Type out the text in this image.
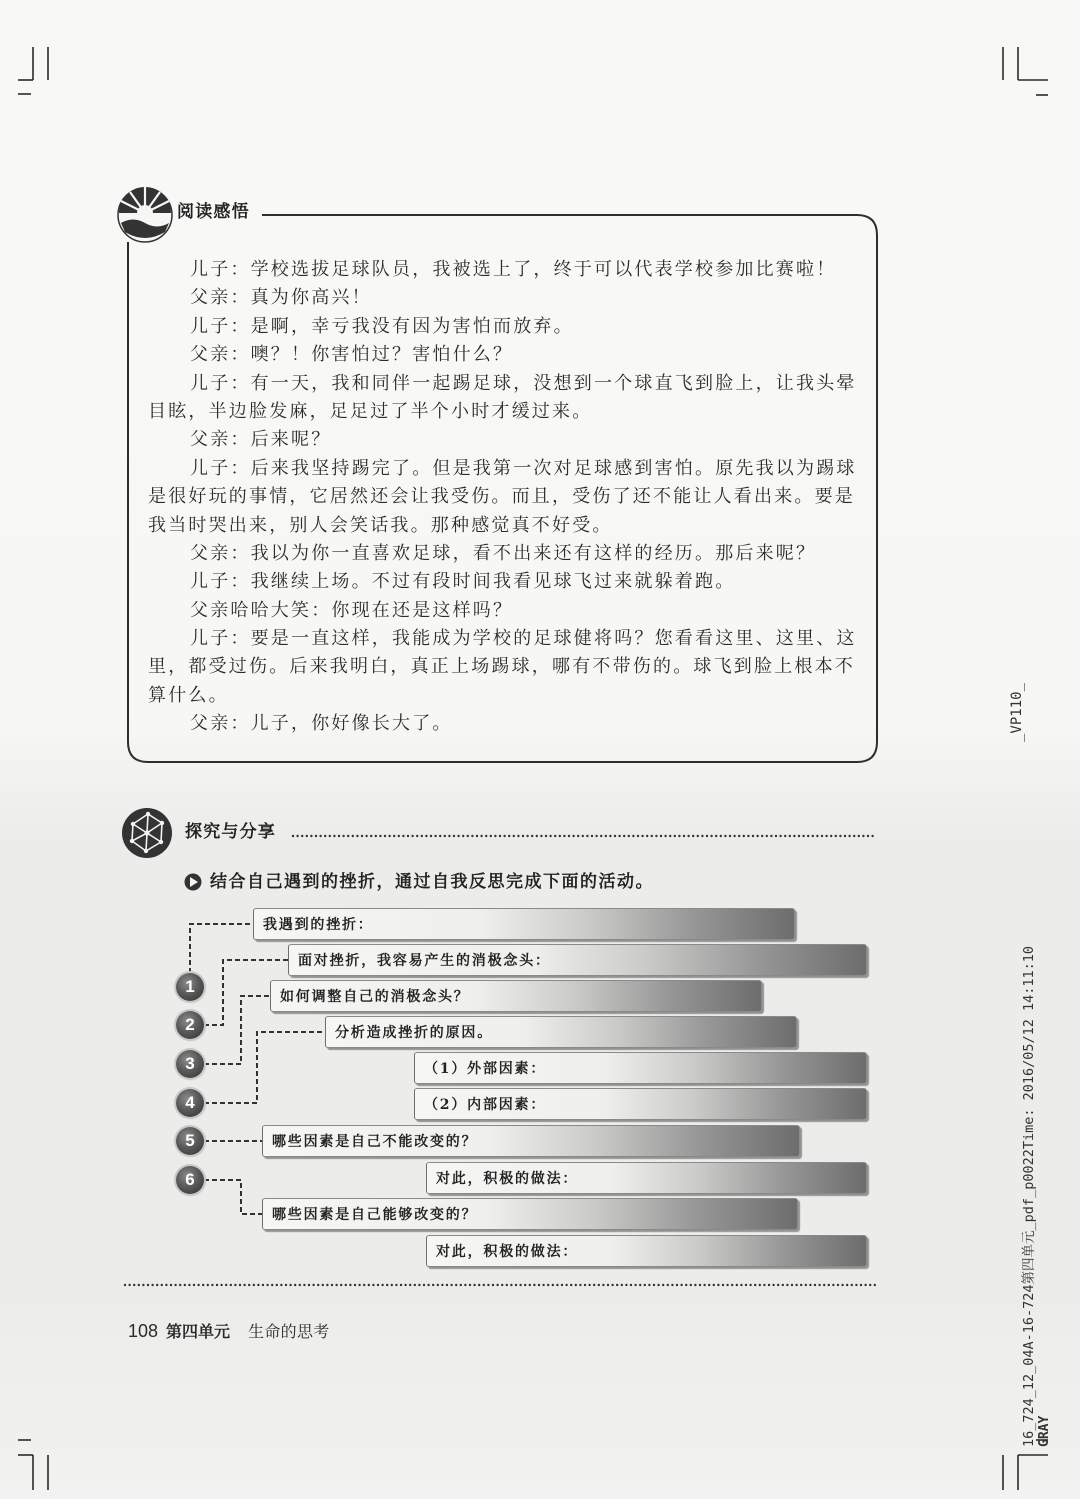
阅读感悟
儿子：学校选拔足球队员，我被选上了，终于可以代表学校参加比赛啦！
父亲：真为你高兴！
儿子：是啊，幸亏我没有因为害怕而放弃。
父亲：噢？！你害怕过？害怕什么？
儿子：有一天，我和同伴一起踢足球，没想到一个球直飞到脸上，让我头晕
目眩，半边脸发麻，足足过了半个小时才缓过来。
父亲：后来呢？
儿子：后来我坚持踢完了。但是我第一次对足球感到害怕。原先我以为踢球
是很好玩的事情，它居然还会让我受伤。而且，受伤了还不能让人看出来。要是
我当时哭出来，别人会笑话我。那种感觉真不好受。
父亲：我以为你一直喜欢足球，看不出来还有这样的经历。那后来呢？
儿子：我继续上场。不过有段时间我看见球飞过来就躲着跑。
父亲哈哈大笑：你现在还是这样吗？
儿子：要是一直这样，我能成为学校的足球健将吗？您看看这里、这里、这
里，都受过伤。后来我明白，真正上场踢球，哪有不带伤的。球飞到脸上根本不
算什么。
父亲：儿子，你好像长大了。
探究与分享
结合自己遇到的挫折，通过自我反思完成下面的活动。
1
2
3
4
5
6
我遇到的挫折：
面对挫折，我容易产生的消极念头：
如何调整自己的消极念头？
分析造成挫折的原因。
（1）外部因素：
（2）内部因素：
哪些因素是自己不能改变的？
对此，积极的做法：
哪些因素是自己能够改变的？
对此，积极的做法：
108 第四单元 生命的思考
_VP110_
16_724_12_04A-16-724第四单元_pdf_p0022Time: 2016/05/12 14:11:10 GRAY
